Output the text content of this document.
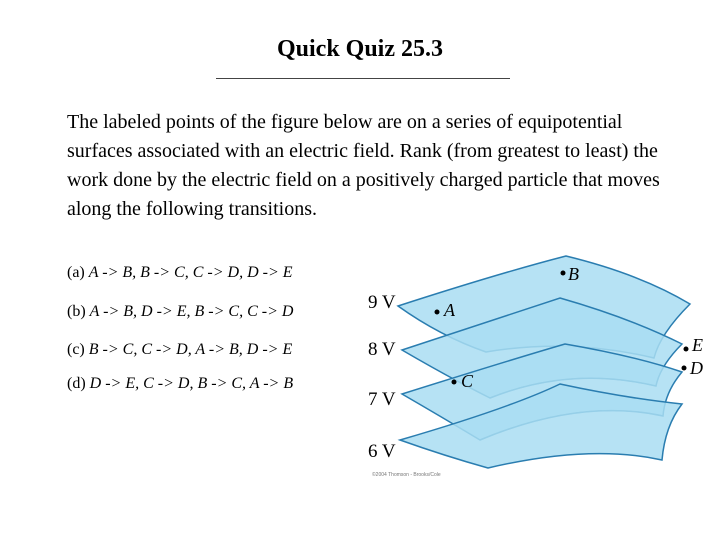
Quick Quiz 25.3
The labeled points of the figure below are on a series of equipotential surfaces associated with an electric field. Rank (from greatest to least) the work done by the electric field on a positively charged particle that moves along the following transitions.
(a) A -> B, B -> C, C -> D, D -> E
(b) A -> B, D -> E, B -> C, C -> D
(c) B -> C, C -> D, A -> B, D -> E
(d) D -> E, C -> D, B -> C, A -> B
9 V
8 V
7 V
6 V
A
B
C
D
E
©2004 Thomson - Brooks/Cole
